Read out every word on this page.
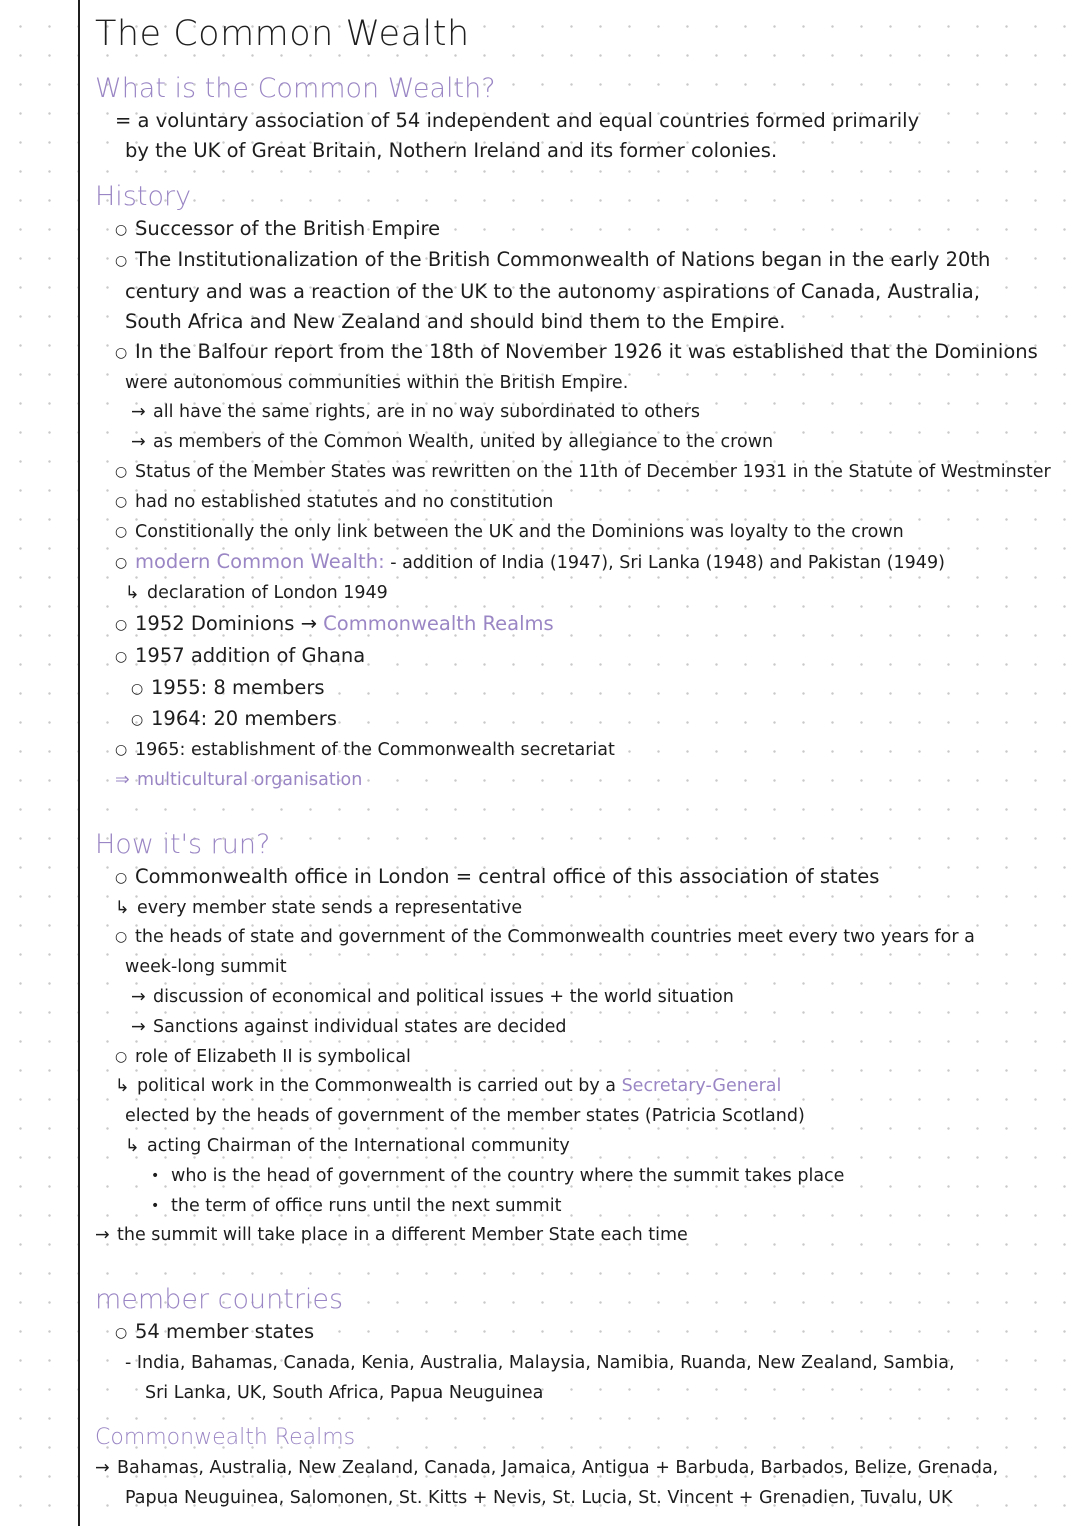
The Common Wealth
What is the Common Wealth?
= a voluntary association of 54 independent and equal countries formed primarily
by the UK of Great Britain, Nothern Ireland and its former colonies.
History
○ Successor of the British Empire
○ The Institutionalization of the British Commonwealth of Nations began in the early 20th
century and was a reaction of the UK to the autonomy aspirations of Canada, Australia,
South Africa and New Zealand and should bind them to the Empire.
○ In the Balfour report from the 18th of November 1926 it was established that the Dominions
were autonomous communities within the British Empire.
→ all have the same rights, are in no way subordinated to others
→ as members of the Common Wealth, united by allegiance to the crown
○ Status of the Member States was rewritten on the 11th of December 1931 in the Statute of Westminster
○ had no established statutes and no constitution
○ Constitionally the only link between the UK and the Dominions was loyalty to the crown
○ modern Common Wealth: - addition of India (1947), Sri Lanka (1948) and Pakistan (1949)
↳ declaration of London 1949
○ 1952 Dominions → Commonwealth Realms
○ 1957 addition of Ghana
○ 1955: 8 members
○ 1964: 20 members
○ 1965: establishment of the Commonwealth secretariat
⇒ multicultural organisation
How it's run?
○ Commonwealth office in London = central office of this association of states
↳ every member state sends a representative
○ the heads of state and government of the Commonwealth countries meet every two years for a
week-long summit
→ discussion of economical and political issues + the world situation
→ Sanctions against individual states are decided
○ role of Elizabeth II is symbolical
↳ political work in the Commonwealth is carried out by a Secretary-General
elected by the heads of government of the member states (Patricia Scotland)
↳ acting Chairman of the International community
• who is the head of government of the country where the summit takes place
• the term of office runs until the next summit
→ the summit will take place in a different Member State each time
member countries
○ 54 member states
- India, Bahamas, Canada, Kenia, Australia, Malaysia, Namibia, Ruanda, New Zealand, Sambia,
Sri Lanka, UK, South Africa, Papua Neuguinea
Commonwealth Realms
→ Bahamas, Australia, New Zealand, Canada, Jamaica, Antigua + Barbuda, Barbados, Belize, Grenada,
Papua Neuguinea, Salomonen, St. Kitts + Nevis, St. Lucia, St. Vincent + Grenadien, Tuvalu, UK
